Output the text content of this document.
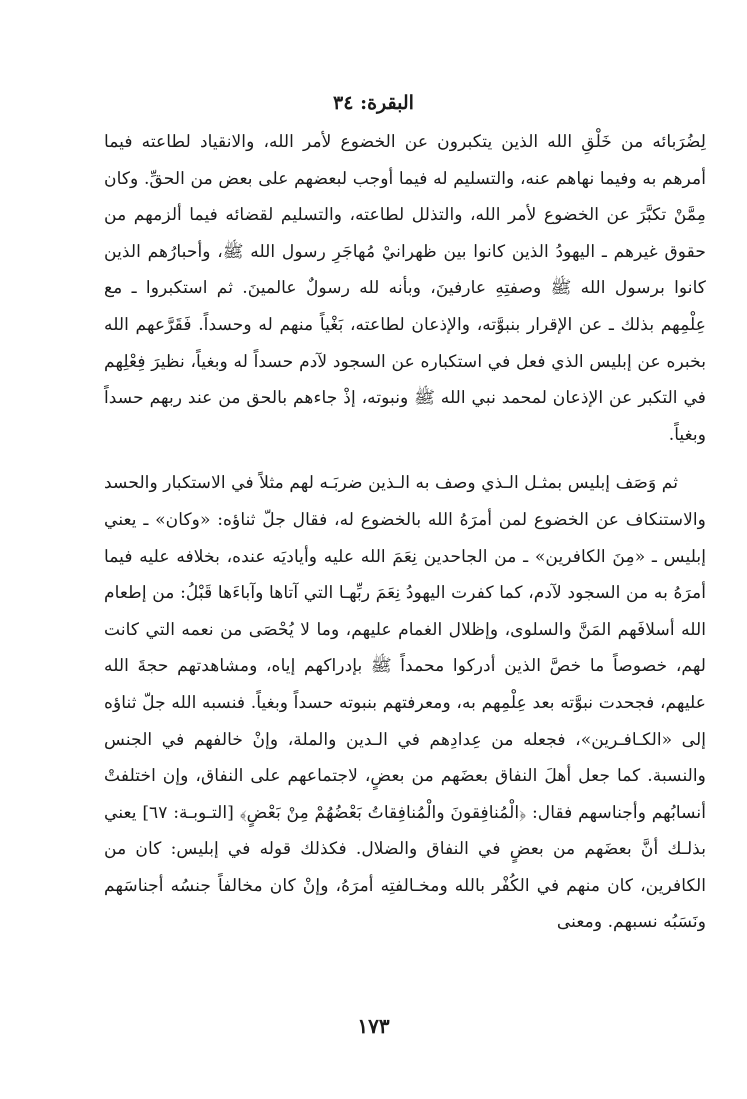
البقرة: ٣٤

لِضُرَبائه من خَلْقِ الله الذين يتكبرون عن الخضوع لأمر الله، والانقياد لطاعته فيما أمرهم به وفيما نهاهم عنه، والتسليم له فيما أوجب لبعضهم على بعض من الحقِّ. وكان مِمَّنْ تكبَّرَ عن الخضوع لأمر الله، والتذلل لطاعته، والتسليم لقضائه فيما ألزمهم من حقوق غيرهم ـ اليهودُ الذين كانوا بين ظهرانيْ مُهاجَرِ رسول الله ﷺ، وأحبارُهم الذين كانوا برسول الله ﷺ وصفتِهِ عارفينَ، وبأنه لله رسولٌ عالمينَ. ثم استكبروا ـ مع عِلْمِهم بذلك ـ عن الإقرار بنبوَّته، والإذعان لطاعته، بَغْياً منهم له وحسداً. فَقَرَّعهم الله بخبره عن إبليس الذي فعل في استكباره عن السجود لآدم حسداً له وبغياً، نظيرَ فِعْلِهم في التكبر عن الإذعان لمحمد نبي الله ﷺ ونبوته، إذْ جاءهم بالحق من عند ربهم حسداً وبغياً.

ثم وَصَف إبليس بمثـل الـذي وصف به الـذين ضربَـه لهم مثلاً في الاستكبار والحسد والاستنكاف عن الخضوع لمن أمرَهُ الله بالخضوع له، فقال جلّ ثناؤه: «وكان» ـ يعني إبليس ـ «مِنَ الكافرين» ـ من الجاحدين نِعَمَ الله عليه وأياديَه عنده، بخلافه عليه فيما أمرَهُ به من السجود لآدم، كما كفرت اليهودُ نِعَمَ ربِّهـا التي آتاها وآباءَها قَبْلُ: من إطعام الله أسلافَهم المَنَّ والسلوى، وإظلال الغمام عليهم، وما لا يُحْصَى من نعمه التي كانت لهم، خصوصاً ما خصَّ الذين أدركوا محمداً ﷺ بإدراكهم إياه، ومشاهدتهم حجةَ الله عليهم، فجحدت نبوَّته بعد عِلْمِهم به، ومعرفتهم بنبوته حسداً وبغياً. فنسبه الله جلّ ثناؤه إلى «الكـافـرين»، فجعله من عِدادِهم في الـدين والملة، وإنْ خالفهم في الجنس والنسبة. كما جعل أهلَ النفاق بعضَهم من بعضٍ، لاجتماعهم على النفاق، وإن اختلفتْ أنسابُهم وأجناسهم فقال: ﴿الْمُنافِقونَ والْمُنافِقاتُ بَعْضُهُمْ مِنْ بَعْضٍ﴾ [التـوبـة: ٦٧] يعني بذلـك أنَّ بعضَهم من بعضٍ في النفاق والضلال. فكذلك قوله في إبليس: كان من الكافرين، كان منهم في الكُفْر بالله ومخـالفتِه أمرَهُ، وإنْ كان مخالفاً جنسُه أجناسَهم ونَسَبُه نسبهم. ومعنى

١٧٣
